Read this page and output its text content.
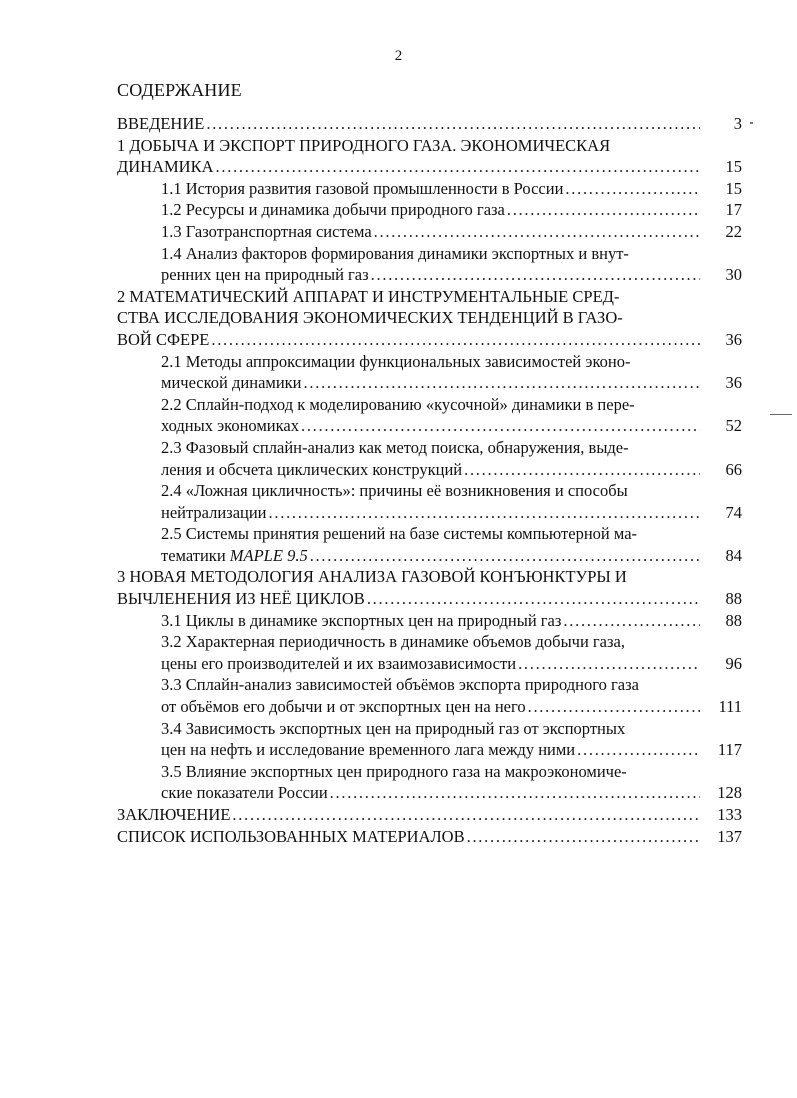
2
СОДЕРЖАНИЕ
ВВЕДЕНИЕ . . .	3
1 ДОБЫЧА И ЭКСПОРТ ПРИРОДНОГО ГАЗА. ЭКОНОМИЧЕСКАЯ
ДИНАМИКА . . .	15
1.1 История развития газовой промышленности в России . . .	15
1.2 Ресурсы и динамика добычи природного газа . . .	17
1.3 Газотранспортная система . . .	22
1.4 Анализ факторов формирования динамики экспортных и внут-
ренних цен на природный газ . . .	30
2 МАТЕМАТИЧЕСКИЙ АППАРАТ И ИНСТРУМЕНТАЛЬНЫЕ СРЕД-
СТВА ИССЛЕДОВАНИЯ ЭКОНОМИЧЕСКИХ ТЕНДЕНЦИЙ В ГАЗО-
ВОЙ СФЕРЕ . . .	36
2.1 Методы аппроксимации функциональных зависимостей эконо-
мической динамики . . .	36
2.2 Сплайн-подход к моделированию «кусочной» динамики в пере-
ходных экономиках . . .	52
2.3 Фазовый сплайн-анализ как метод поиска, обнаружения, выде-
ления и обсчета циклических конструкций . . .	66
2.4 «Ложная цикличность»: причины её возникновения и способы
нейтрализации . . .	74
2.5 Системы принятия решений на базе системы компьютерной ма-
тематики MAPLE 9.5 . . .	84
3 НОВАЯ МЕТОДОЛОГИЯ АНАЛИЗА ГАЗОВОЙ КОНЪЮНКТУРЫ И
ВЫЧЛЕНЕНИЯ ИЗ НЕЁ ЦИКЛОВ . . .	88
3.1 Циклы в динамике экспортных цен на природный газ . . .	88
3.2 Характерная периодичность в динамике объемов добычи газа,
цены его производителей и их взаимозависимости . . .	96
3.3 Сплайн-анализ зависимостей объёмов экспорта природного газа
от объёмов его добычи и от экспортных цен на него . . .	111
3.4 Зависимость экспортных цен на природный газ от экспортных
цен на нефть и исследование временного лага между ними . . .	117
3.5 Влияние экспортных цен природного газа на макроэкономиче-
ские показатели России . . .	128
ЗАКЛЮЧЕНИЕ . . .	133
СПИСОК ИСПОЛЬЗОВАННЫХ МАТЕРИАЛОВ . . .	137
